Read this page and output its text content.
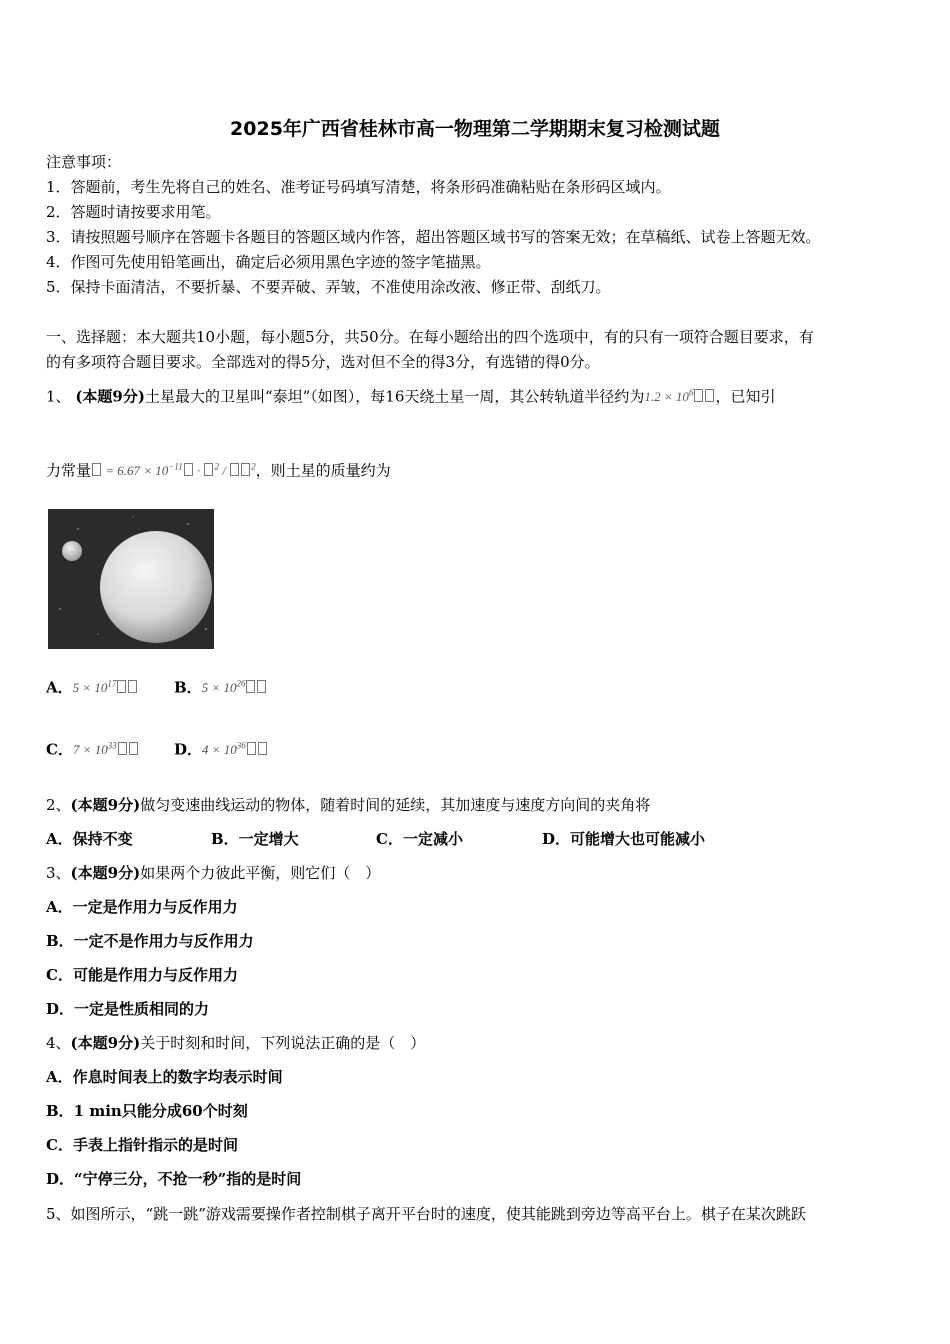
2025年广西省桂林市高一物理第二学期期末复习检测试题
注意事项：
1．答题前，考生先将自己的姓名、准考证号码填写清楚，将条形码准确粘贴在条形码区域内。
2．答题时请按要求用笔。
3．请按照题号顺序在答题卡各题目的答题区域内作答，超出答题区域书写的答案无效；在草稿纸、试卷上答题无效。
4．作图可先使用铅笔画出，确定后必须用黑色字迹的签字笔描黑。
5．保持卡面清洁，不要折暴、不要弄破、弄皱，不准使用涂改液、修正带、刮纸刀。
一、选择题：本大题共10小题，每小题5分，共50分。在每小题给出的四个选项中，有的只有一项符合题目要求，有
的有多项符合题目要求。全部选对的得5分，选对但不全的得3分，有选错的得0分。
1、 (本题9分)土星最大的卫星叫“泰坦”（如图），每16天绕土星一周，其公转轨道半径约为$1.2 \times 10^6$ ，已知引
力常量 = $6.67 \times 10^{-11} \cdot ^2 / ^2$，则土星的质量约为
A．$5 \times 10^{17}$	B．$5 \times 10^{26}$
C．$7 \times 10^{33}$	D．$4 \times 10^{36}$
2、(本题9分)做匀变速曲线运动的物体，随着时间的延续，其加速度与速度方向间的夹角将
A．保持不变	B．一定增大	C．一定减小	D．可能增大也可能减小
3、(本题9分)如果两个力彼此平衡，则它们（　）
A．一定是作用力与反作用力
B．一定不是作用力与反作用力
C．可能是作用力与反作用力
D．一定是性质相同的力
4、(本题9分)关于时刻和时间，下列说法正确的是（　）
A．作息时间表上的数字均表示时间
B．1 min只能分成60个时刻
C．手表上指针指示的是时间
D．“宁停三分，不抢一秒”指的是时间
5、如图所示，“跳一跳”游戏需要操作者控制棋子离开平台时的速度，使其能跳到旁边等高平台上。棋子在某次跳跃
